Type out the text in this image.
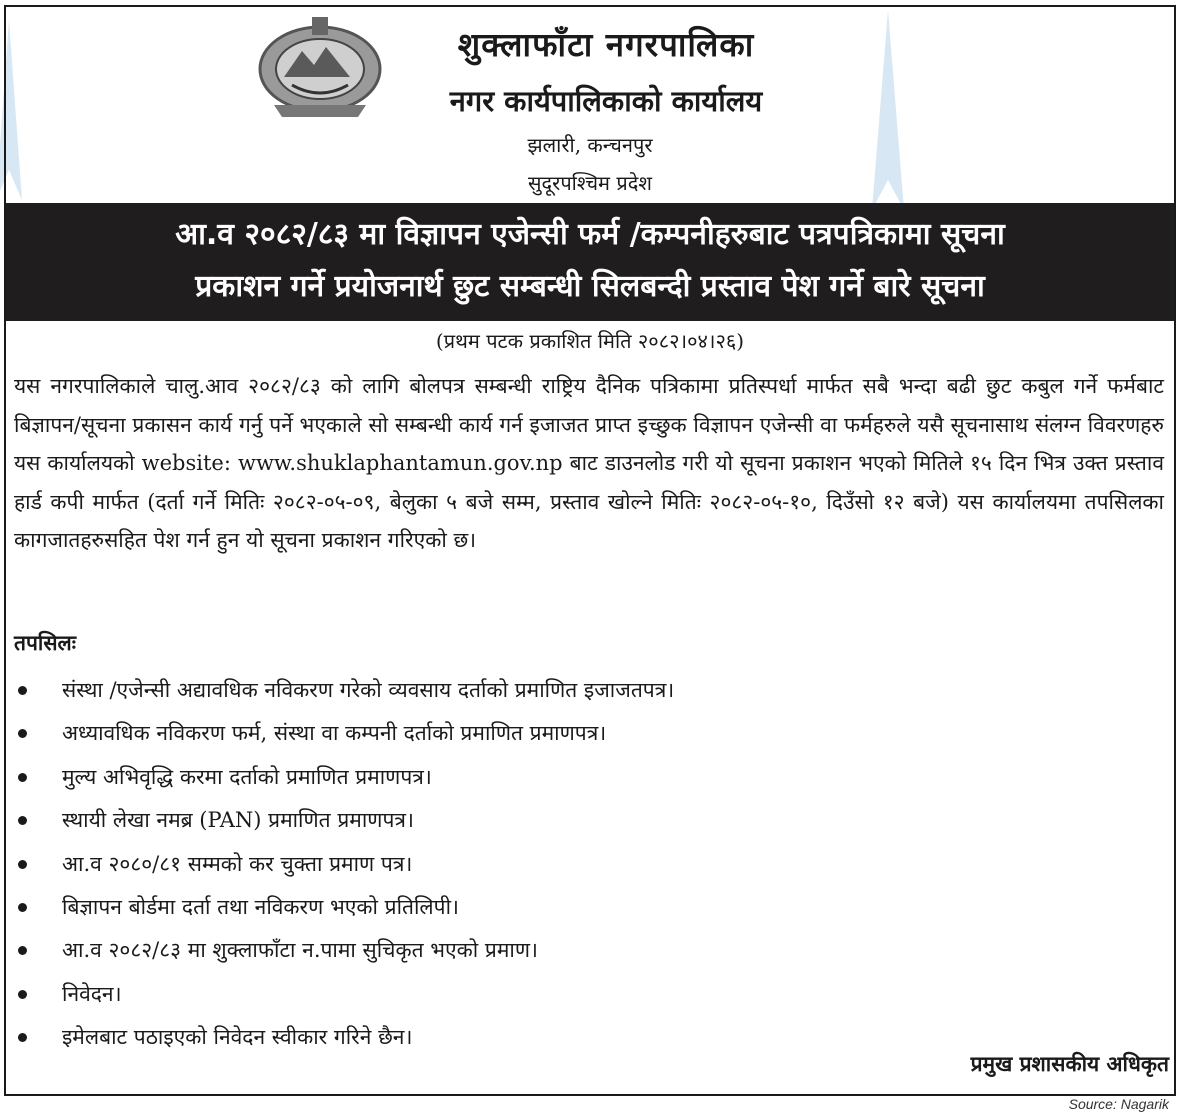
शुक्लाफाँटा नगरपालिका
नगर कार्यपालिकाको कार्यालय
झलारी, कन्चनपुर
सुदूरपश्चिम प्रदेश
आ.व २०८२/८३ मा विज्ञापन एजेन्सी फर्म /कम्पनीहरुबाट पत्रपत्रिकामा सूचना
प्रकाशन गर्ने प्रयोजनार्थ छुट सम्बन्धी सिलबन्दी प्रस्ताव पेश गर्ने बारे सूचना
(प्रथम पटक प्रकाशित मिति २०८२।०४।२६)
यस नगरपालिकाले चालु.आव २०८२/८३ को लागि बोलपत्र सम्बन्धी राष्ट्रिय दैनिक पत्रिकामा प्रतिस्पर्धा मार्फत सबै भन्दा बढी छुट कबुल गर्ने फर्मबाट बिज्ञापन/सूचना प्रकासन कार्य गर्नु पर्ने भएकाले सो सम्बन्धी कार्य गर्न इजाजत प्राप्त इच्छुक विज्ञापन एजेन्सी वा फर्महरुले यसै सूचनासाथ संलग्न विवरणहरु यस कार्यालयको website: www.shuklaphantamun.gov.np बाट डाउनलोड गरी यो सूचना प्रकाशन भएको मितिले १५ दिन भित्र उक्त प्रस्ताव हार्ड कपी मार्फत (दर्ता गर्ने मितिः २०८२-०५-०९, बेलुका ५ बजे सम्म, प्रस्ताव खोल्ने मितिः २०८२-०५-१०, दिउँसो १२ बजे) यस कार्यालयमा तपसिलका कागजातहरुसहित पेश गर्न हुन यो सूचना प्रकाशन गरिएको छ।
तपसिलः
संस्था /एजेन्सी अद्यावधिक नविकरण गरेको व्यवसाय दर्ताको प्रमाणित इजाजतपत्र।
अध्यावधिक नविकरण फर्म, संस्था वा कम्पनी दर्ताको प्रमाणित प्रमाणपत्र।
मुल्य अभिवृद्धि करमा दर्ताको प्रमाणित प्रमाणपत्र।
स्थायी लेखा नमब्र (PAN) प्रमाणित प्रमाणपत्र।
आ.व २०८०/८१ सम्मको कर चुक्ता प्रमाण पत्र।
बिज्ञापन बोर्डमा दर्ता तथा नविकरण भएको प्रतिलिपी।
आ.व २०८२/८३ मा शुक्लाफाँटा न.पामा सुचिकृत भएको प्रमाण।
निवेदन।
इमेलबाट पठाइएको निवेदन स्वीकार गरिने छैन।
प्रमुख प्रशासकीय अधिकृत
Source: Nagarik
